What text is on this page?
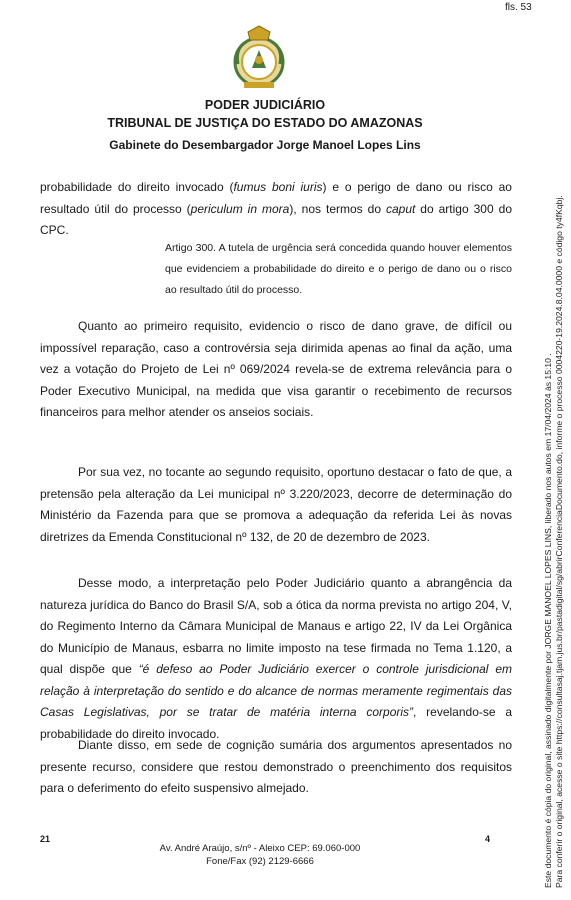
fls. 53
PODER JUDICIÁRIO
TRIBUNAL DE JUSTIÇA DO ESTADO DO AMAZONAS
Gabinete do Desembargador Jorge Manoel Lopes Lins
probabilidade do direito invocado (fumus boni iuris) e o perigo de dano ou risco ao resultado útil do processo (periculum in mora), nos termos do caput do artigo 300 do CPC.
Artigo 300. A tutela de urgência será concedida quando houver elementos que evidenciem a probabilidade do direito e o perigo de dano ou o risco ao resultado útil do processo.
Quanto ao primeiro requisito, evidencio o risco de dano grave, de difícil ou impossível reparação, caso a controvérsia seja dirimida apenas ao final da ação, uma vez a votação do Projeto de Lei nº 069/2024 revela-se de extrema relevância para o Poder Executivo Municipal, na medida que visa garantir o recebimento de recursos financeiros para melhor atender os anseios sociais.
Por sua vez, no tocante ao segundo requisito, oportuno destacar o fato de que, a pretensão pela alteração da Lei municipal nº 3.220/2023, decorre de determinação do Ministério da Fazenda para que se promova a adequação da referida Lei às novas diretrizes da Emenda Constitucional nº 132, de 20 de dezembro de 2023.
Desse modo, a interpretação pelo Poder Judiciário quanto a abrangência da natureza jurídica do Banco do Brasil S/A, sob a ótica da norma prevista no artigo 204, V, do Regimento Interno da Câmara Municipal de Manaus e artigo 22, IV da Lei Orgânica do Município de Manaus, esbarra no limite imposto na tese firmada no Tema 1.120, a qual dispõe que “é defeso ao Poder Judiciário exercer o controle jurisdicional em relação à interpretação do sentido e do alcance de normas meramente regimentais das Casas Legislativas, por se tratar de matéria interna corporis”, revelando-se a probabilidade do direito invocado.
Diante disso, em sede de cognição sumária dos argumentos apresentados no presente recurso, considere que restou demonstrado o preenchimento dos requisitos para o deferimento do efeito suspensivo almejado.
21	4
Av. André Araújo, s/nº - Aleixo CEP: 69.060-000
Fone/Fax (92) 2129-6666	Este documento é cópia do original, assinado digitalmente por JORGE MANOEL LOPES LINS, liberado nos autos em 17/04/2024 às 15:10 . Para conferir o original, acesse o site https://consultasaj.tjam.jus.br/pastadigital/sg/abrirConferenciaDocumento.do, informe o processo 0004220-19.2024.8.04.0000 e código ty4fKqbj.
